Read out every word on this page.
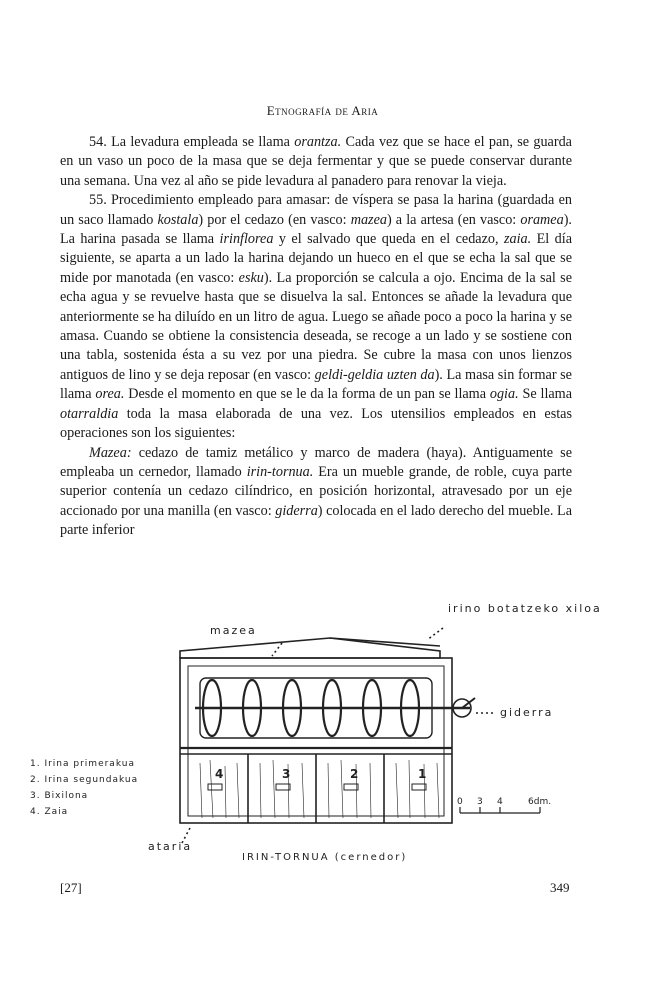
Etnografía de Aria

54. La levadura empleada se llama orantza. Cada vez que se hace el pan, se guarda en un vaso un poco de la masa que se deja fermentar y que se puede conservar durante una semana. Una vez al año se pide levadura al panadero para renovar la vieja.

55. Procedimiento empleado para amasar: de víspera se pasa la harina (guardada en un saco llamado kostala) por el cedazo (en vasco: mazea) a la artesa (en vasco: oramea). La harina pasada se llama irinflorea y el salvado que queda en el cedazo, zaia. El día siguiente, se aparta a un lado la harina dejando un hueco en el que se echa la sal que se mide por manotada (en vasco: esku). La proporción se calcula a ojo. Encima de la sal se echa agua y se revuelve hasta que se disuelva la sal. Entonces se añade la levadura que anteriormente se ha diluído en un litro de agua. Luego se añade poco a poco la harina y se amasa. Cuando se obtiene la consistencia deseada, se recoge a un lado y se sostiene con una tabla, sostenida ésta a su vez por una piedra. Se cubre la masa con unos lienzos antiguos de lino y se deja reposar (en vasco: geldi-geldia uzten da). La masa sin formar se llama orea. Desde el momento en que se le da la forma de un pan se llama ogia. Se llama otarraldia toda la masa elaborada de una vez. Los utensilios empleados en estas operaciones son los siguientes:

Mazea: cedazo de tamiz metálico y marco de madera (haya). Antiguamente se empleaba un cernedor, llamado irin-tornua. Era un mueble grande, de roble, cuya parte superior contenía un cedazo cilíndrico, en posición horizontal, atravesado por un eje accionado por una manilla (en vasco: giderra) colocada en el lado derecho del mueble. La parte inferior

irino botatzeko xiloa
mazea
giderra
1. Irina primerakua
2. Irina segundakua
3. Bixilona
4. Zaia
4	3	2	1
0 3 4	6dm.
ataria
IRIN-TORNUA (cernedor)
[27]	349
